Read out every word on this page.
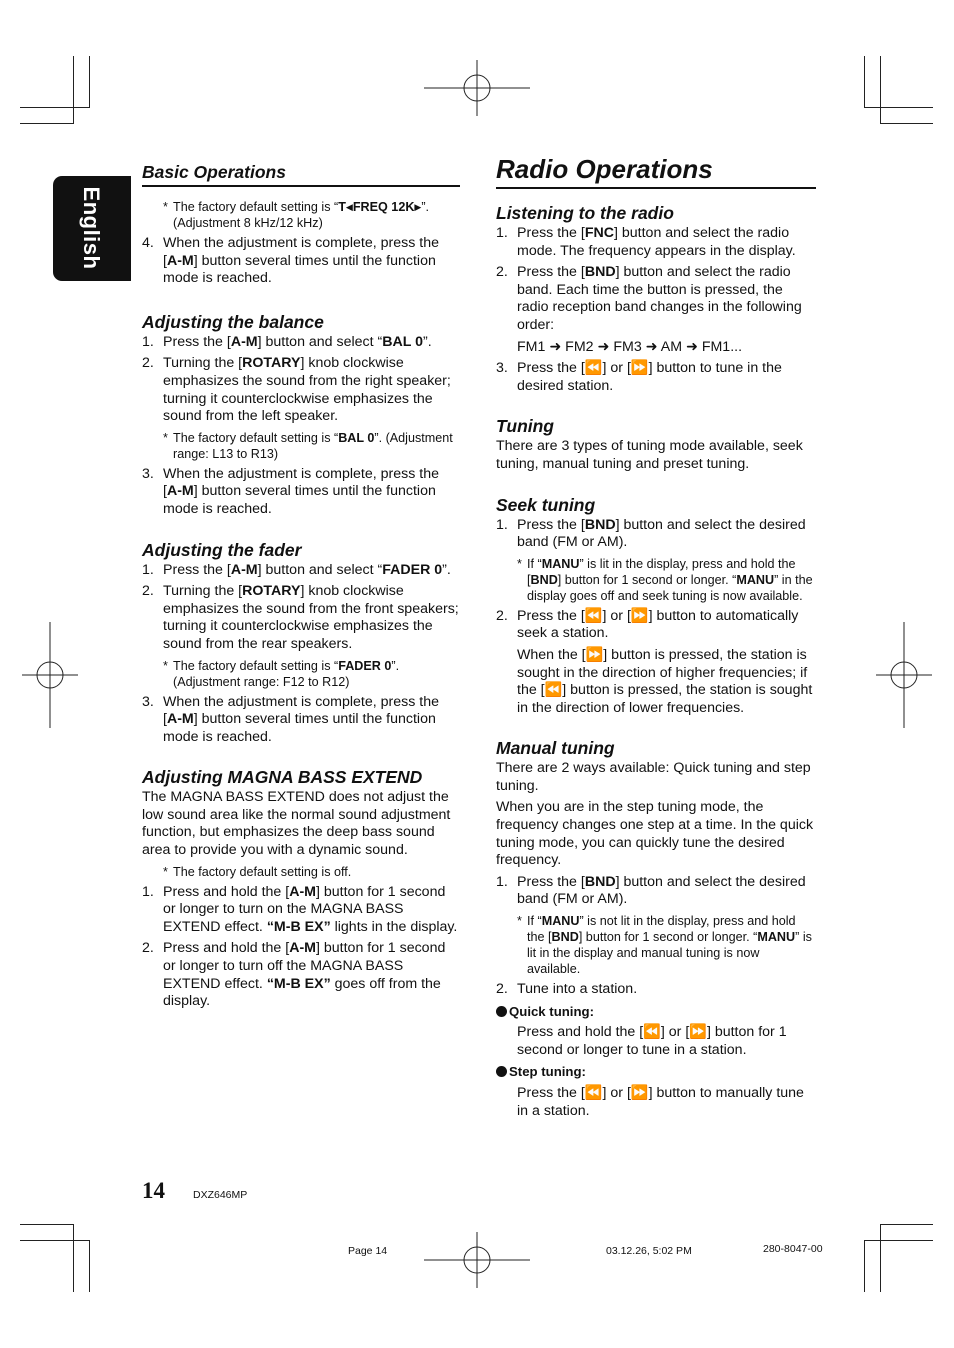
English
Basic Operations
* The factory default setting is “T◀FREQ 12K▶”.
(Adjustment 8 kHz/12 kHz)
4. When the adjustment is complete, press the [A-M] button several times until the function mode is reached.
Adjusting the balance
1. Press the [A-M] button and select “BAL 0”.
2. Turning the [ROTARY] knob clockwise emphasizes the sound from the right speaker; turning it counterclockwise emphasizes the sound from the left speaker.
* The factory default setting is “BAL 0”. (Adjustment range: L13 to R13)
3. When the adjustment is complete, press the [A-M] button several times until the function mode is reached.
Adjusting the fader
1. Press the [A-M] button and select “FADER 0”.
2. Turning the [ROTARY] knob clockwise emphasizes the sound from the front speakers; turning it counterclockwise emphasizes the sound from the rear speakers.
* The factory default setting is “FADER 0”. (Adjustment range: F12 to R12)
3. When the adjustment is complete, press the [A-M] button several times until the function mode is reached.
Adjusting MAGNA BASS EXTEND

The MAGNA BASS EXTEND does not adjust the low sound area like the normal sound adjustment function, but emphasizes the deep bass sound area to provide you with a dynamic sound.

* The factory default setting is off.
1. Press and hold the [A-M] button for 1 second or longer to turn on the MAGNA BASS EXTEND effect. “M-B EX” lights in the display.
2. Press and hold the [A-M] button for 1 second or longer to turn off the MAGNA BASS EXTEND effect. “M-B EX” goes off from the display.
Radio Operations
Listening to the radio
1. Press the [FNC] button and select the radio mode. The frequency appears in the display.
2. Press the [BND] button and select the radio band. Each time the button is pressed, the radio reception band changes in the following order:
FM1 ➜ FM2 ➜ FM3 ➜ AM ➜ FM1...
3. Press the [⏪] or [⏩] button to tune in the desired station.
Tuning

There are 3 types of tuning mode available, seek tuning, manual tuning and preset tuning.

Seek tuning
1. Press the [BND] button and select the desired band (FM or AM).
* If “MANU” is lit in the display, press and hold the [BND] button for 1 second or longer. “MANU” in the display goes off and seek tuning is now available.
2. Press the [⏪] or [⏩] button to automatically seek a station.
When the [⏩] button is pressed, the station is sought in the direction of higher frequencies; if the [⏪] button is pressed, the station is sought in the direction of lower frequencies.
Manual tuning

There are 2 ways available: Quick tuning and step tuning.

When you are in the step tuning mode, the frequency changes one step at a time. In the quick tuning mode, you can quickly tune the desired frequency.

1. Press the [BND] button and select the desired band (FM or AM).
* If “MANU” is not lit in the display, press and hold the [BND] button for 1 second or longer. “MANU” is lit in the display and manual tuning is now available.
2. Tune into a station.
Quick tuning:
Press and hold the [⏪] or [⏩] button for 1 second or longer to tune in a station.
Step tuning:
Press the [⏪] or [⏩] button to manually tune in a station.
14	DXZ646MP
Page 14	03.12.26, 5:02 PM	280-8047-00
